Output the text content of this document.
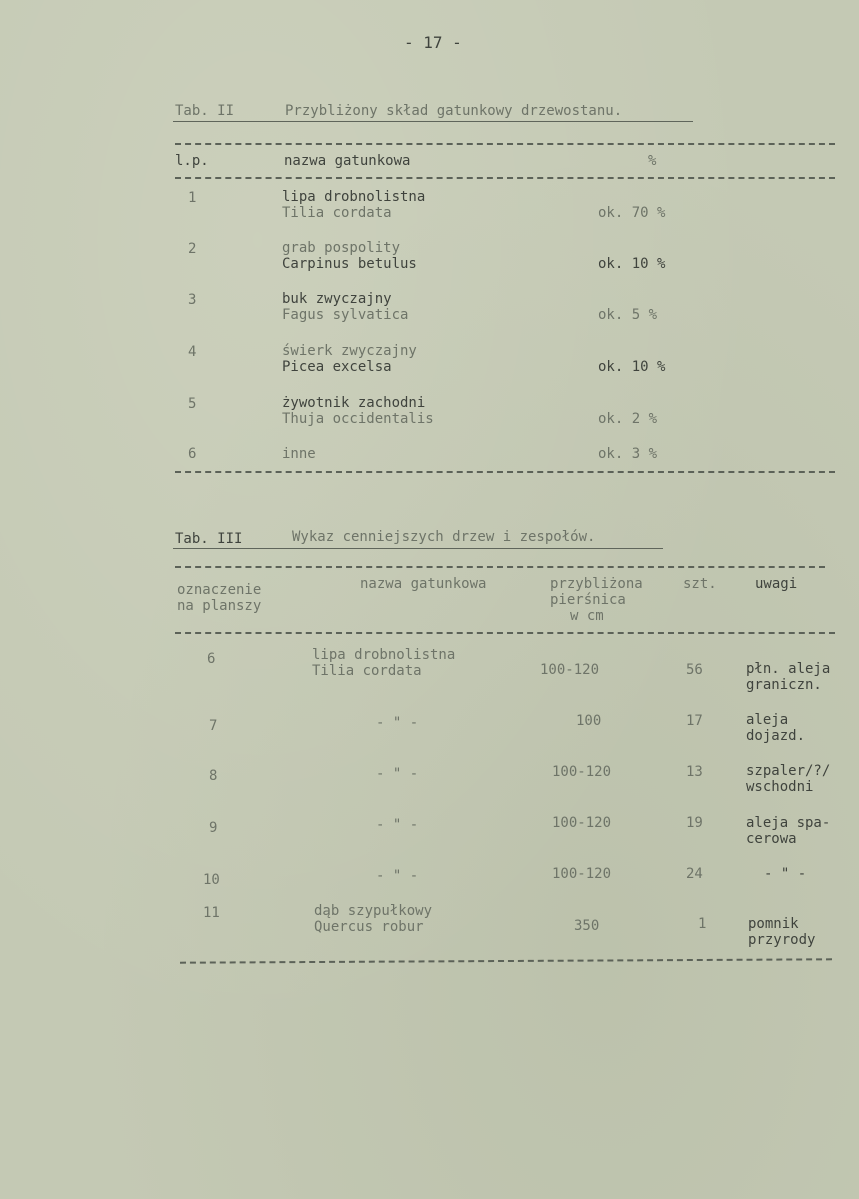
- 17 -
Tab. II	Przybliżony skład gatunkowy drzewostanu.
l.p.	nazwa gatunkowa	%
1	lipa drobnolistna
Tilia cordata	ok. 70 %
2	grab pospolity
Carpinus betulus	ok. 10 %
3	buk zwyczajny
Fagus sylvatica	ok. 5 %
4	świerk zwyczajny
Picea excelsa	ok. 10 %
5	żywotnik zachodni
Thuja occidentalis	ok. 2 %
6	inne	ok. 3 %
Tab. III	Wykaz cenniejszych drzew i zespołów.
oznaczenie
na planszy
nazwa gatunkowa	przybliżona
pierśnica
w cm
szt.	uwagi
6	lipa drobnolistna
Tilia cordata	100-120	56	płn. aleja
graniczn.
7	- " -	100	17	aleja
dojazd.
8	- " -	100-120	13	szpaler/?/
wschodni
9	- " -	100-120	19	aleja spa-
cerowa
10	- " -	100-120	24	- " -
11	dąb szypułkowy
Quercus robur	350	1	pomnik
przyrody
